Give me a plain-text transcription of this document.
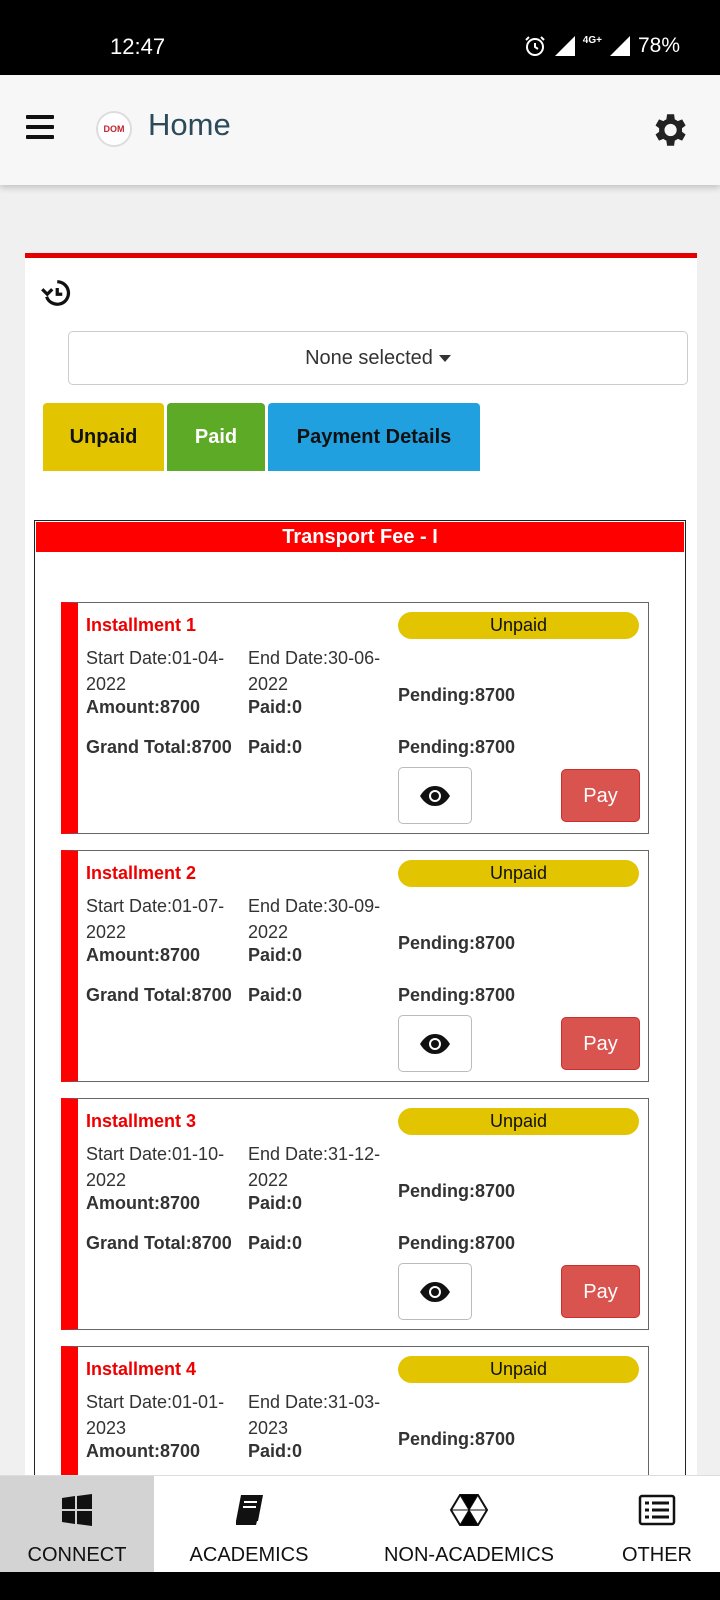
12:47	4G+ 78%
DOM Home
None selected
Unpaid	Paid	Payment Details
Transport Fee - I
Installment 1	Unpaid
Start Date:01-04-2022
End Date:30-06-2022
Amount:8700	Paid:0
Pending:8700
Grand Total:8700 Paid:0	Pending:8700
Pay
Installment 2	Unpaid
Start Date:01-07-2022
End Date:30-09-2022
Amount:8700	Paid:0
Pending:8700
Grand Total:8700 Paid:0	Pending:8700
Pay
Installment 3	Unpaid
Start Date:01-10-2022
End Date:31-12-2022
Amount:8700	Paid:0
Pending:8700
Grand Total:8700 Paid:0	Pending:8700
Pay
Installment 4	Unpaid
Start Date:01-01-2023
End Date:31-03-2023
Amount:8700	Paid:0
Pending:8700
CONNECT	ACADEMICS	NON-ACADEMICS	OTHER
